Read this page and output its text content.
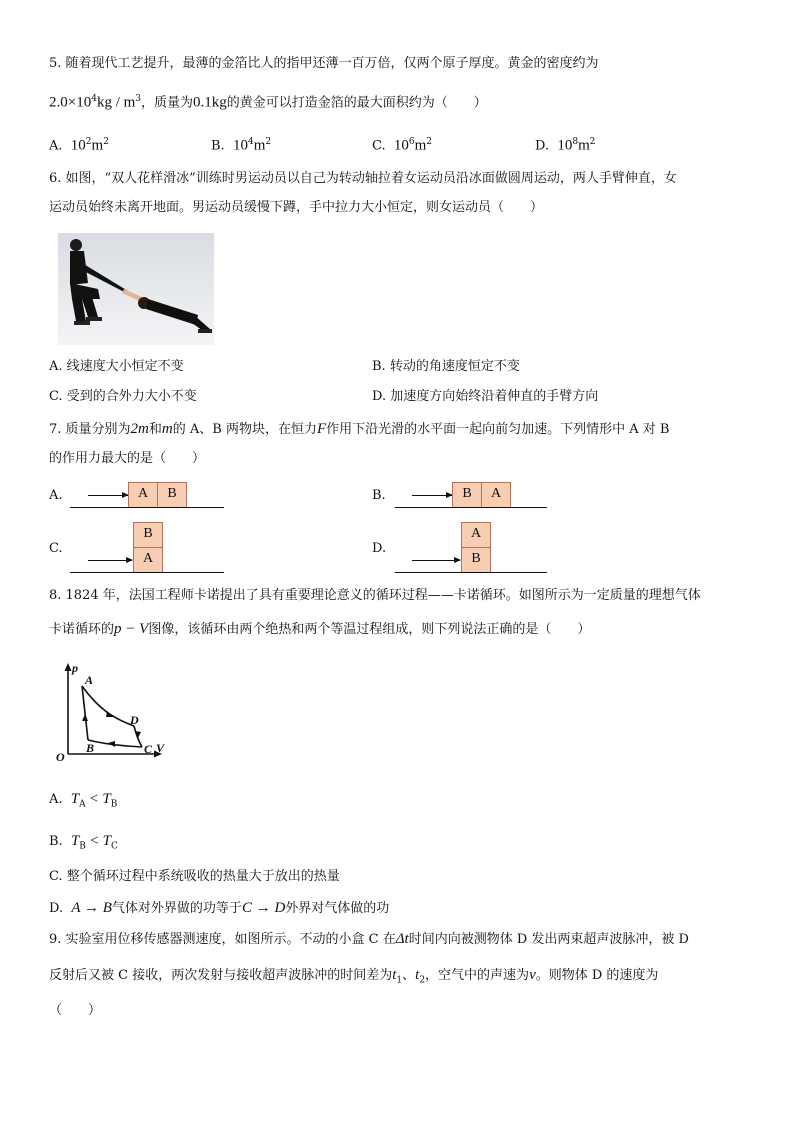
5. 随着现代工艺提升，最薄的金箔比人的指甲还薄一百万倍，仅两个原子厚度。黄金的密度约为
$2.0\times 10^4kg / m^3$，质量为0.1kg的黄金可以打造金箔的最大面积约为（　　）
A. $10^2m^2$	B. $10^4m^2$	C. $10^6m^2$	D. $10^8m^2$
6. 如图，“双人花样滑冰”训练时男运动员以自己为转动轴拉着女运动员沿冰面做圆周运动，两人手臂伸直，女
运动员始终未离开地面。男运动员缓慢下蹲，手中拉力大小恒定，则女运动员（　　）
A. 线速度大小恒定不变	B. 转动的角速度恒定不变
C. 受到的合外力大小不变	D. 加速度方向始终沿着伸直的手臂方向
7. 质量分别为2m和m的 A、B 两物块，在恒力F作用下沿光滑的水平面一起向前匀加速。下列情形中 A 对 B
的作用力最大的是（　　）
A.	A	B	B.	B	A
C.
B
A
D.
A
B
8. 1824 年，法国工程师卡诺提出了具有重要理论意义的循环过程——卡诺循环。如图所示为一定质量的理想气体
卡诺循环的p − V图像，该循环由两个绝热和两个等温过程组成，则下列说法正确的是（　　）
p
V
O
A
B	C
D
A. $T_A < T_B$
B. $T_B < T_C$
C. 整个循环过程中系统吸收的热量大于放出的热量
D. A → B气体对外界做的功等于C → D外界对气体做的功
9. 实验室用位移传感器测速度，如图所示。不动的小盒 C 在Δt时间内向被测物体 D 发出两束超声波脉冲，被 D
反射后又被 C 接收，两次发射与接收超声波脉冲的时间差为$t_1$、$t_2$，空气中的声速为v。则物体 D 的速度为
（　　）
